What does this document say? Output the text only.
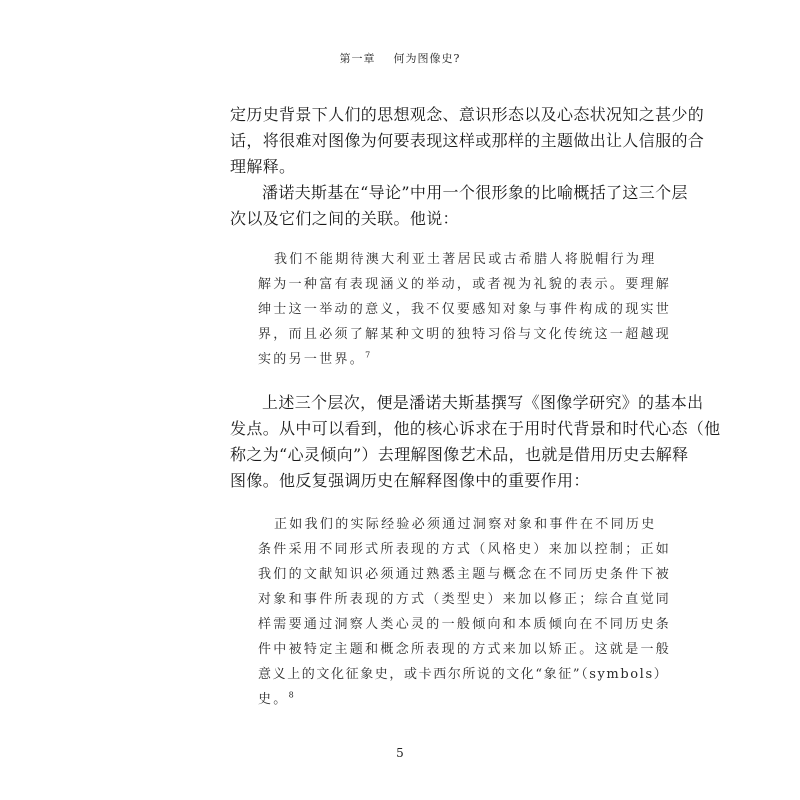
第一章 何为图像史?
定历史背景下人们的思想观念、意识形态以及心态状况知之甚少的
话，将很难对图像为何要表现这样或那样的主题做出让人信服的合
理解释。
潘诺夫斯基在“导论”中用一个很形象的比喻概括了这三个层
次以及它们之间的关联。他说：
我们不能期待澳大利亚土著居民或古希腊人将脱帽行为理
解为一种富有表现涵义的举动，或者视为礼貌的表示。要理解
绅士这一举动的意义，我不仅要感知对象与事件构成的现实世
界，而且必须了解某种文明的独特习俗与文化传统这一超越现
实的另一世界。$^7$
上述三个层次，便是潘诺夫斯基撰写《图像学研究》的基本出
发点。从中可以看到，他的核心诉求在于用时代背景和时代心态（他
称之为“心灵倾向”）去理解图像艺术品，也就是借用历史去解释
图像。他反复强调历史在解释图像中的重要作用：
正如我们的实际经验必须通过洞察对象和事件在不同历史
条件采用不同形式所表现的方式（风格史）来加以控制；正如
我们的文献知识必须通过熟悉主题与概念在不同历史条件下被
对象和事件所表现的方式（类型史）来加以修正；综合直觉同
样需要通过洞察人类心灵的一般倾向和本质倾向在不同历史条
件中被特定主题和概念所表现的方式来加以矫正。这就是一般
意义上的文化征象史，或卡西尔所说的文化“象征”（symbols）
史。$^8$
5
